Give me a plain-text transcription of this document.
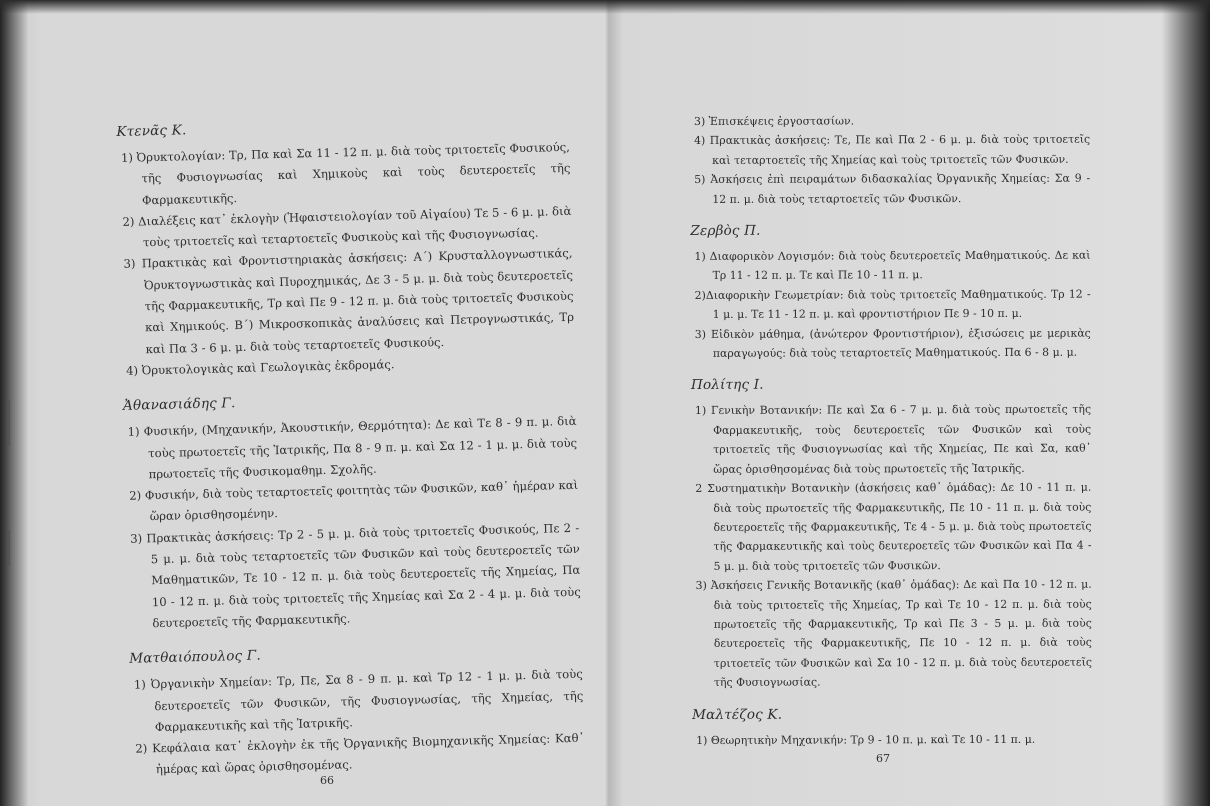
Κτενᾶς Κ.
1) Ὀρυκτολογίαν: Τρ, Πα καὶ Σα 11 - 12 π. μ. διὰ τοὺς τριτοετεῖς Φυσικούς, τῆς Φυσιογνωσίας καὶ Χημικοὺς καὶ τοὺς δευτεροετεῖς τῆς Φαρμακευτικῆς.
2) Διαλέξεις κατ᾽ ἐκλογὴν (Ἡφαιστειολογίαν τοῦ Αἰγαίου) Τε 5 - 6 μ. μ. διὰ τοὺς τριτοετεῖς καὶ τεταρτοετεῖς Φυσικοὺς καὶ τῆς Φυσιογνωσίας.
3) Πρακτικὰς καὶ Φροντιστηριακὰς ἀσκήσεις: Α´) Κρυσταλλογνωστικάς, Ὀρυκτογνωστικὰς καὶ Πυροχημικάς, Δε 3 - 5 μ. μ. διὰ τοὺς δευτεροετεῖς τῆς Φαρμακευτικῆς, Τρ καὶ Πε 9 - 12 π. μ. διὰ τοὺς τριτοετεῖς Φυσικοὺς καὶ Χημικούς. Β´) Μικροσκοπικὰς ἀναλύσεις καὶ Πετρογνωστικάς, Τρ καὶ Πα 3 - 6 μ. μ. διὰ τοὺς τεταρτοετεῖς Φυσικούς.
4) Ὀρυκτολογικὰς καὶ Γεωλογικὰς ἐκδρομάς.
Ἀθανασιάδης Γ.
1) Φυσικήν, (Μηχανικήν, Ἀκουστικήν, Θερμότητα): Δε καὶ Τε 8 - 9 π. μ. διὰ τοὺς πρωτοετεῖς τῆς Ἰατρικῆς, Πα 8 - 9 π. μ. καὶ Σα 12 - 1 μ. μ. διὰ τοὺς πρωτοετεῖς τῆς Φυσικομαθημ. Σχολῆς.
2) Φυσικήν, διὰ τοὺς τεταρτοετεῖς φοιτητὰς τῶν Φυσικῶν, καθ᾽ ἡμέραν καὶ ὥραν ὁρισθησομένην.
3) Πρακτικὰς ἀσκήσεις: Τρ 2 - 5 μ. μ. διὰ τοὺς τριτοετεῖς Φυσικούς, Πε 2 - 5 μ. μ. διὰ τοὺς τεταρτοετεῖς τῶν Φυσικῶν καὶ τοὺς δευτεροετεῖς τῶν Μαθηματικῶν, Τε 10 - 12 π. μ. διὰ τοὺς δευτεροετεῖς τῆς Χημείας, Πα 10 - 12 π. μ. διὰ τοὺς τριτοετεῖς τῆς Χημείας καὶ Σα 2 - 4 μ. μ. διὰ τοὺς δευτεροετεῖς τῆς Φαρμακευτικῆς.
Ματθαιόπουλος Γ.
1) Ὀργανικὴν Χημείαν: Τρ, Πε, Σα 8 - 9 π. μ. καὶ Τρ 12 - 1 μ. μ. διὰ τοὺς δευτεροετεῖς τῶν Φυσικῶν, τῆς Φυσιογνωσίας, τῆς Χημείας, τῆς Φαρμακευτικῆς καὶ τῆς Ἰατρικῆς.
2) Κεφάλαια κατ᾽ ἐκλογὴν ἐκ τῆς Ὀργανικῆς Βιομηχανικῆς Χημείας: Καθ᾽ ἡμέρας καὶ ὥρας ὁρισθησομένας.
66
3) Ἐπισκέψεις ἐργοστασίων.
4) Πρακτικὰς ἀσκήσεις: Τε, Πε καὶ Πα 2 - 6 μ. μ. διὰ τοὺς τριτοετεῖς καὶ τεταρτοετεῖς τῆς Χημείας καὶ τοὺς τριτοετεῖς τῶν Φυσικῶν.
5) Ἀσκήσεις ἐπὶ πειραμάτων διδασκαλίας Ὀργανικῆς Χημείας: Σα 9 - 12 π. μ. διὰ τοὺς τεταρτοετεῖς τῶν Φυσικῶν.
Ζερβὸς Π.
1) Διαφορικὸν Λογισμόν: διὰ τοὺς δευτεροετεῖς Μαθηματικούς. Δε καὶ Τρ 11 - 12 π. μ. Τε καὶ Πε 10 - 11 π. μ.
2)Διαφορικὴν Γεωμετρίαν: διὰ τοὺς τριτοετεῖς Μαθηματικούς. Τρ 12 - 1 μ. μ. Τε 11 - 12 π. μ. καὶ φροντιστήριον Πε 9 - 10 π. μ.
3) Εἰδικὸν μάθημα, (ἀνώτερον Φροντιστήριον), ἐξισώσεις με μερικὰς παραγωγούς: διὰ τοὺς τεταρτοετεῖς Μαθηματικούς. Πα 6 - 8 μ. μ.
Πολίτης Ι.
1) Γενικὴν Βοτανικήν: Πε καὶ Σα 6 - 7 μ. μ. διὰ τοὺς πρωτοετεῖς τῆς Φαρμακευτικῆς, τοὺς δευτεροετεῖς τῶν Φυσικῶν καὶ τοὺς τριτοετεῖς τῆς Φυσιογνωσίας καὶ τῆς Χημείας, Πε καὶ Σα, καθ᾽ ὥρας ὁρισθησομένας διὰ τοὺς πρωτοετεῖς τῆς Ἰατρικῆς.
2 Συστηματικὴν Βοτανικὴν (ἀσκήσεις καθ᾽ ὁμάδας): Δε 10 - 11 π. μ. διὰ τοὺς πρωτοετεῖς τῆς Φαρμακευτικῆς, Πε 10 - 11 π. μ. διὰ τοὺς δευτεροετεῖς τῆς Φαρμακευτικῆς, Τε 4 - 5 μ. μ. διὰ τοὺς πρωτοετεῖς τῆς Φαρμακευτικῆς καὶ τοὺς δευτεροετεῖς τῶν Φυσικῶν καὶ Πα 4 - 5 μ. μ. διὰ τοὺς τριτοετεῖς τῶν Φυσικῶν.
3) Ἀσκήσεις Γενικῆς Βοτανικῆς (καθ᾽ ὁμάδας): Δε καὶ Πα 10 - 12 π. μ. διὰ τοὺς τριτοετεῖς τῆς Χημείας, Τρ καὶ Τε 10 - 12 π. μ. διὰ τοὺς πρωτοετεῖς τῆς Φαρμακευτικῆς, Τρ καὶ Πε 3 - 5 μ. μ. διὰ τοὺς δευτεροετεῖς τῆς Φαρμακευτικῆς, Πε 10 - 12 π. μ. διὰ τοὺς τριτοετεῖς τῶν Φυσικῶν καὶ Σα 10 - 12 π. μ. διὰ τοὺς δευτεροετεῖς τῆς Φυσιογνωσίας.
Μαλτέζος Κ.
1) Θεωρητικὴν Μηχανικήν: Τρ 9 - 10 π. μ. καὶ Τε 10 - 11 π. μ.
67
